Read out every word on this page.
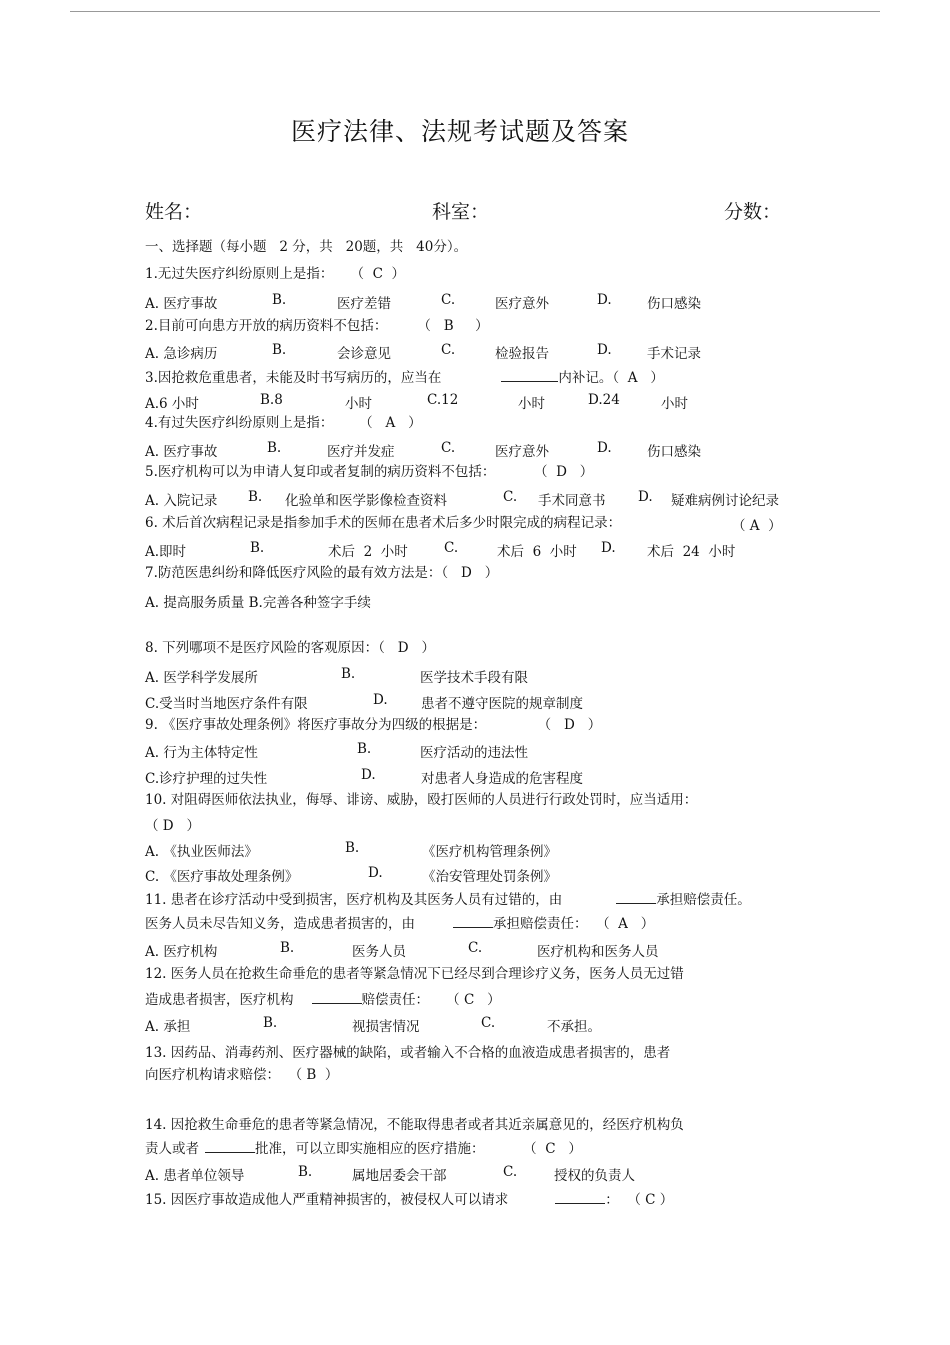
医疗法律、法规考试题及答案
姓名：	科室：	分数：
一、选择题（每小题   2 分，共   20题，共   40分）。
1.无过失医疗纠纷原则上是指：    （  C  ）
A. 医疗事故	B.	医疗差错	C.	医疗意外	D.	伤口感染
2.目前可向患方开放的病历资料不包括：       （   B     ）
A. 急诊病历	B.	会诊意见	C.	检验报告	D.	手术记录
3.因抢救危重患者，未能及时书写病历的，应当在	内补记。（  A   ）
A.6 小时	B.8	小时	C.12	小时	D.24	小时
4.有过失医疗纠纷原则上是指：      （   A   ）
A. 医疗事故	B.	医疗并发症	C.	医疗意外	D.	伤口感染
5.医疗机构可以为申请人复印或者复制的病历资料不包括：         （  D   ）
A. 入院记录 B. 化验单和医学影像检查资料	C. 手术同意书 D. 疑难病例讨论纪录
6. 术后首次病程记录是指参加手术的医师在患者术后多少时限完成的病程记录：	（ A  ）
A.即时	B.	术后  2  小时	C.	术后  6  小时 D. 术后  24  小时
7.防范医患纠纷和降低医疗风险的最有效方法是：（   D   ）
A. 提高服务质量 B.完善各种签字手续
8. 下列哪项不是医疗风险的客观原因：（   D   ）
A. 医学科学发展所	B.	医学技术手段有限
C.受当时当地医疗条件有限	D. 患者不遵守医院的规章制度
9. 《医疗事故处理条例》将医疗事故分为四级的根据是：            （   D   ）
A. 行为主体特定性	B.	医疗活动的违法性
C.诊疗护理的过失性	D.	对患者人身造成的危害程度
10. 对阻碍医师依法执业，侮辱、诽谤、威胁，殴打医师的人员进行行政处罚时，应当适用：
（ D   ）
A. 《执业医师法》	B.	《医疗机构管理条例》
C. 《医疗事故处理条例》	D.	《治安管理处罚条例》
11. 患者在诊疗活动中受到损害，医疗机构及其医务人员有过错的，由	承担赔偿责任。
医务人员未尽告知义务，造成患者损害的，由	承担赔偿责任：  （  A   ）
A. 医疗机构	B.	医务人员	C.	医疗机构和医务人员
12. 医务人员在抢救生命垂危的患者等紧急情况下已经尽到合理诊疗义务，医务人员无过错
造成患者损害，医疗机构	赔偿责任：    （ C   ）
A. 承担	B.	视损害情况	C.	不承担。
13. 因药品、消毒药剂、医疗器械的缺陷，或者输入不合格的血液造成患者损害的，患者
向医疗机构请求赔偿：  （ B  ）
14. 因抢救生命垂危的患者等紧急情况，不能取得患者或者其近亲属意见的，经医疗机构负
责人或者	批准，可以立即实施相应的医疗措施：         （  C   ）
A. 患者单位领导	B.	属地居委会干部	C.	授权的负责人
15. 因医疗事故造成他人严重精神损害的，被侵权人可以请求	：  （ C ）
